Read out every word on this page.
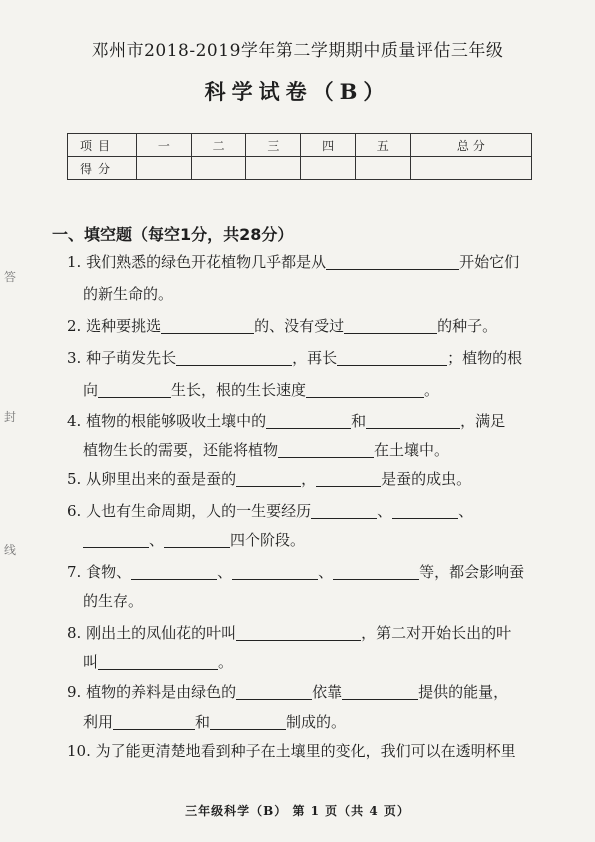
邓州市2018-2019学年第二学期期中质量评估三年级
科学试卷（B）
项目	一	二	三	四	五	总 分
得分						
答
封
线
一、填空题（每空1分，共28分）
1. 我们熟悉的绿色开花植物几乎都是从	开始它们
的新生命的。
2. 选种要挑选	的、没有受过	的种子。
3. 种子萌发先长	，再长	；植物的根
向	生长，根的生长速度	。
4. 植物的根能够吸收土壤中的	和	，满足
植物生长的需要，还能将植物	在土壤中。
5. 从卵里出来的蚕是蚕的	，	是蚕的成虫。
6. 人也有生命周期，人的一生要经历	、	、
、	四个阶段。
7. 食物、	、	、	等，都会影响蚕
的生存。
8. 刚出土的凤仙花的叶叫	，第二对开始长出的叶
叫	。
9. 植物的养料是由绿色的	依靠	提供的能量，
利用	和	制成的。
10. 为了能更清楚地看到种子在土壤里的变化，我们可以在透明杯里
三年级科学（B） 第 1 页（共 4 页）
